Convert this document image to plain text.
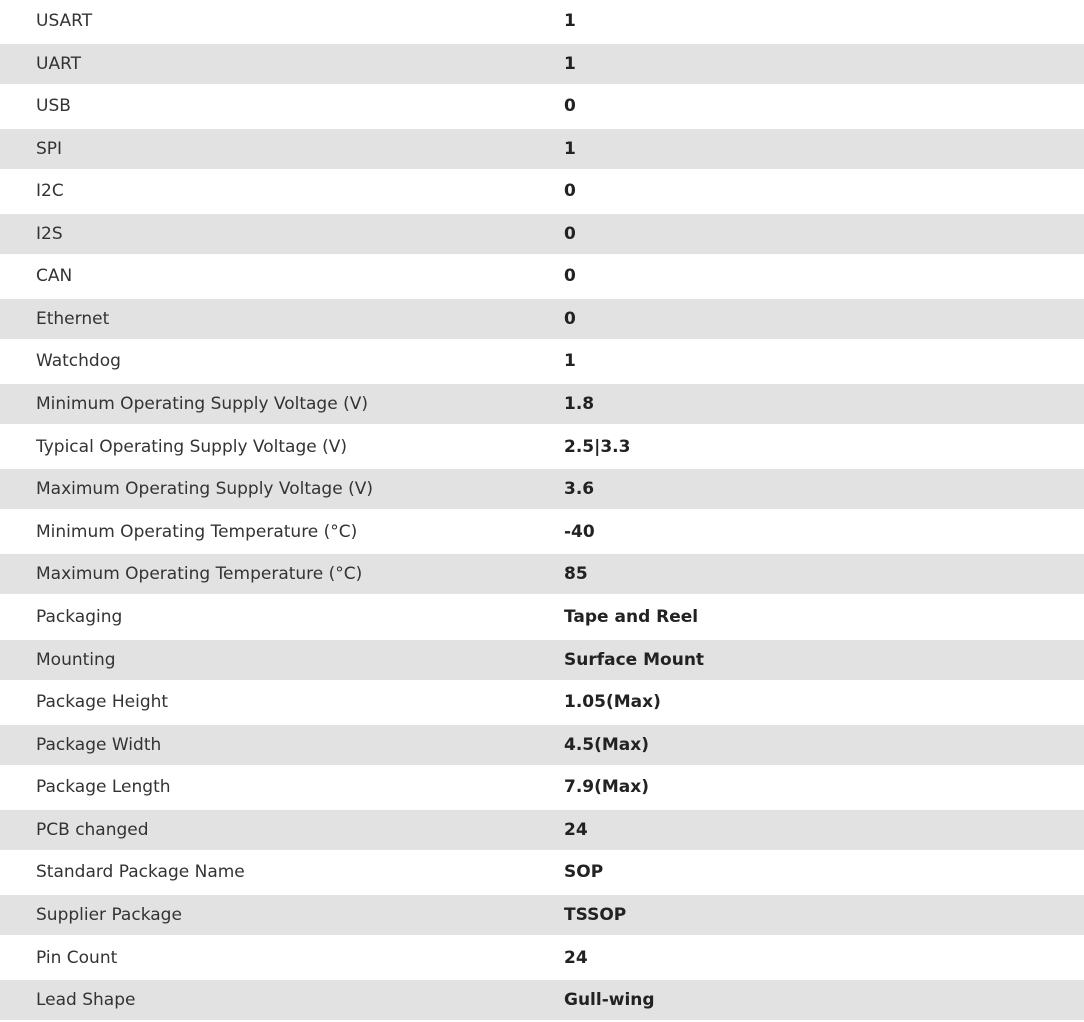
USART	1
UART	1
USB	0
SPI	1
I2C	0
I2S	0
CAN	0
Ethernet	0
Watchdog	1
Minimum Operating Supply Voltage (V)	1.8
Typical Operating Supply Voltage (V)	2.5|3.3
Maximum Operating Supply Voltage (V)	3.6
Minimum Operating Temperature (°C)	-40
Maximum Operating Temperature (°C)	85
Packaging	Tape and Reel
Mounting	Surface Mount
Package Height	1.05(Max)
Package Width	4.5(Max)
Package Length	7.9(Max)
PCB changed	24
Standard Package Name	SOP
Supplier Package	TSSOP
Pin Count	24
Lead Shape	Gull-wing
